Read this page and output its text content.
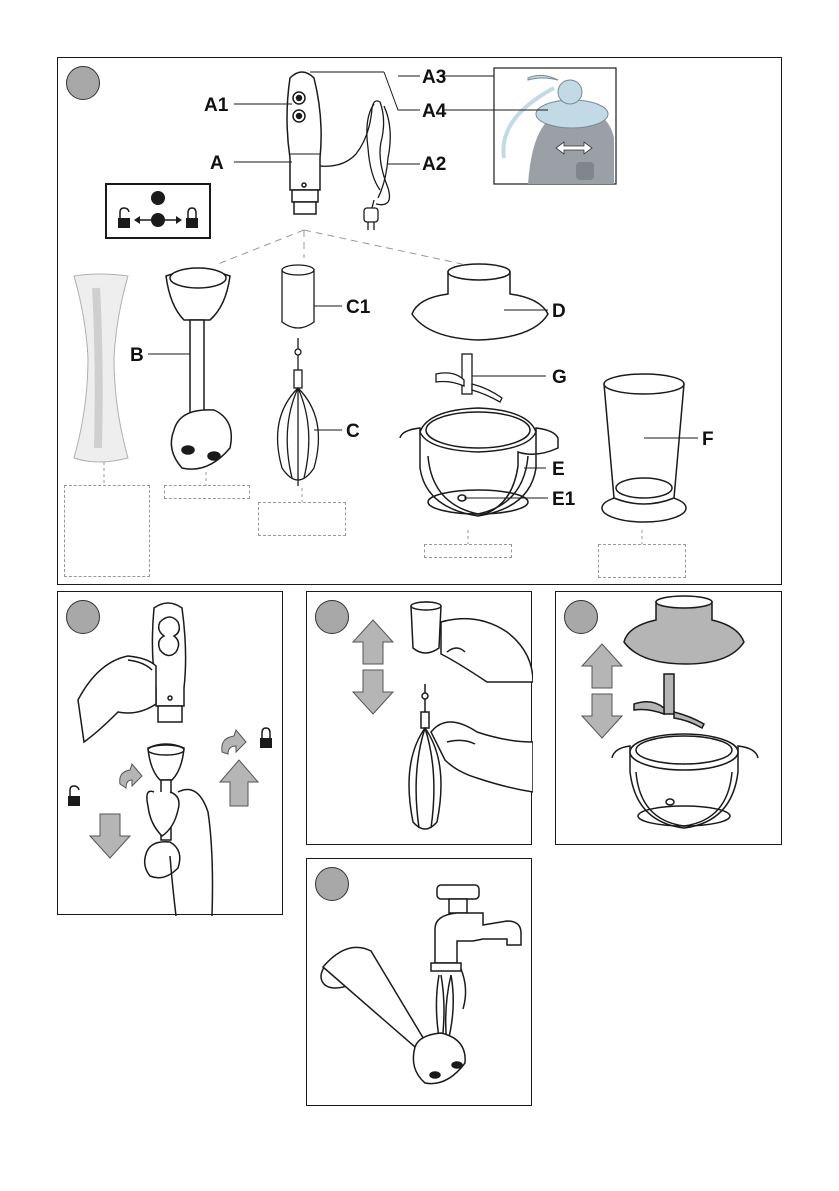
A1
A
A3
A4
A2
C1	D
B
G
C	F
E
E1
